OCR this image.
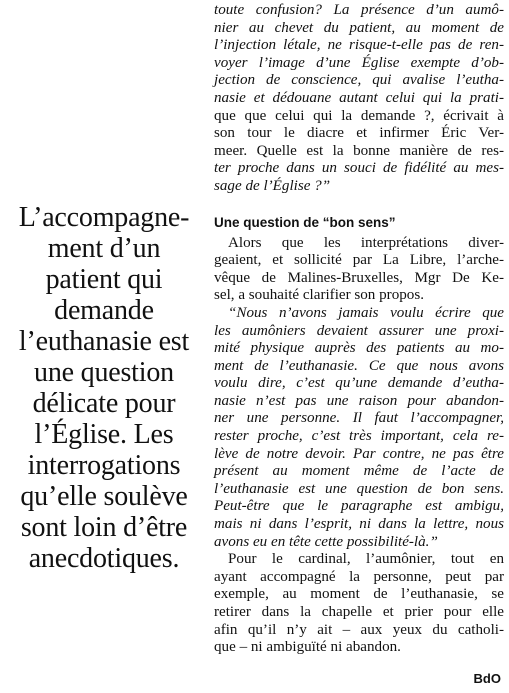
L’accompagne-
ment d’un
patient qui
demande
l’euthanasie est
une question
délicate pour
l’Église. Les
interrogations
qu’elle soulève
sont loin d’être
anecdotiques.
toute confusion? La présence d’un aumô-
nier au chevet du patient, au moment de
l’injection létale, ne risque-t-elle pas de ren-
voyer l’image d’une Église exempte d’ob-
jection de conscience, qui avalise l’eutha-
nasie et dédouane autant celui qui la prati-
que que celui qui la demande ?, écrivait à
son tour le diacre et infirmer Éric Ver-
meer. Quelle est la bonne manière de res-
ter proche dans un souci de fidélité au mes-
sage de l’Église ?”
Une question de “bon sens”
Alors que les interprétations diver-
geaient, et sollicité par La Libre, l’arche-
vêque de Malines-Bruxelles, Mgr De Ke-
sel, a souhaité clarifier son propos.
“Nous n’avons jamais voulu écrire que
les aumôniers devaient assurer une proxi-
mité physique auprès des patients au mo-
ment de l’euthanasie. Ce que nous avons
voulu dire, c’est qu’une demande d’eutha-
nasie n’est pas une raison pour abandon-
ner une personne. Il faut l’accompagner,
rester proche, c’est très important, cela re-
lève de notre devoir. Par contre, ne pas être
présent au moment même de l’acte de
l’euthanasie est une question de bon sens.
Peut-être que le paragraphe est ambigu,
mais ni dans l’esprit, ni dans la lettre, nous
avons eu en tête cette possibilité-là.”
Pour le cardinal, l’aumônier, tout en
ayant accompagné la personne, peut par
exemple, au moment de l’euthanasie, se
retirer dans la chapelle et prier pour elle
afin qu’il n’y ait – aux yeux du catholi-
que – ni ambiguïté ni abandon.
BdO
